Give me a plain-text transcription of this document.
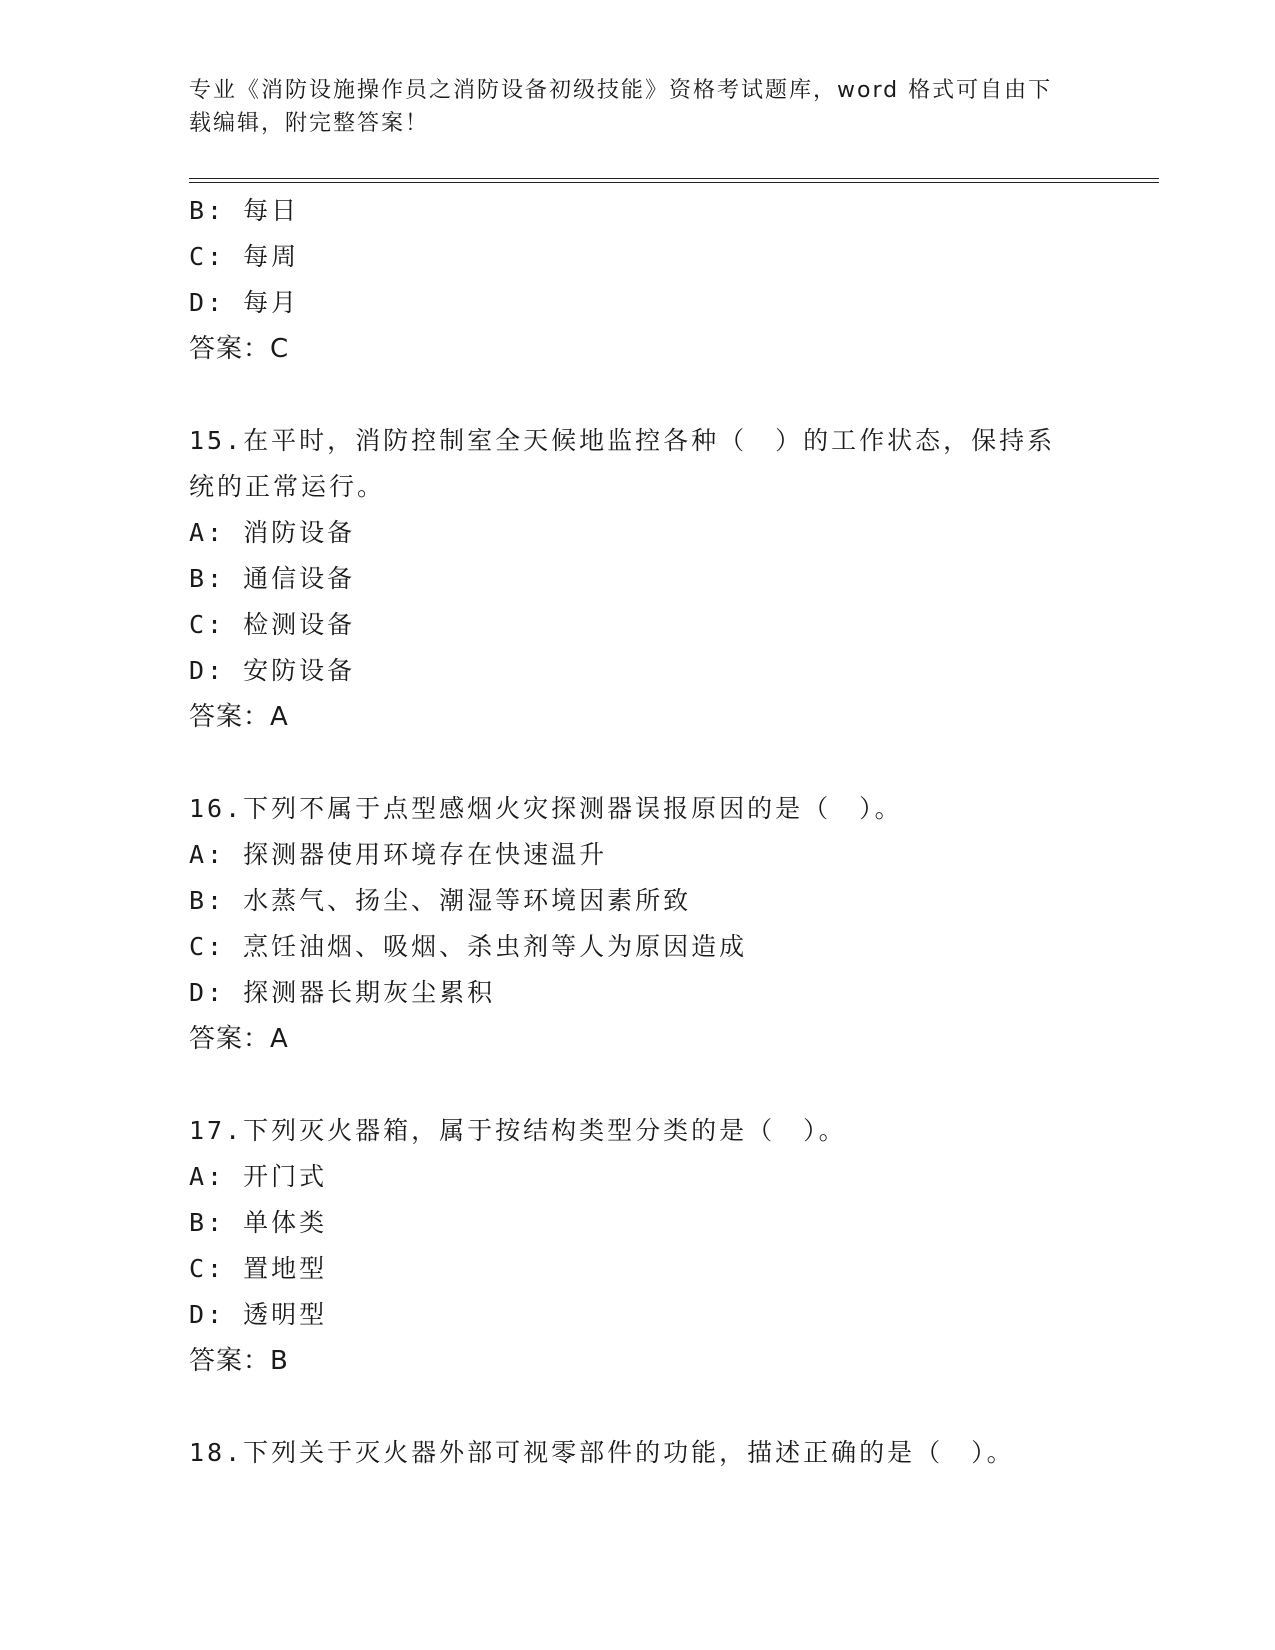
专业《消防设施操作员之消防设备初级技能》资格考试题库，word 格式可自由下
载编辑，附完整答案！
B: 每日
C: 每周
D: 每月
答案：C
15.在平时，消防控制室全天候地监控各种（　）的工作状态，保持系
统的正常运行。
A: 消防设备
B: 通信设备
C: 检测设备
D: 安防设备
答案：A
16.下列不属于点型感烟火灾探测器误报原因的是（　）。
A: 探测器使用环境存在快速温升
B: 水蒸气、扬尘、潮湿等环境因素所致
C: 烹饪油烟、吸烟、杀虫剂等人为原因造成
D: 探测器长期灰尘累积
答案：A
17.下列灭火器箱，属于按结构类型分类的是（　）。
A: 开门式
B: 单体类
C: 置地型
D: 透明型
答案：B
18.下列关于灭火器外部可视零部件的功能，描述正确的是（　）。
